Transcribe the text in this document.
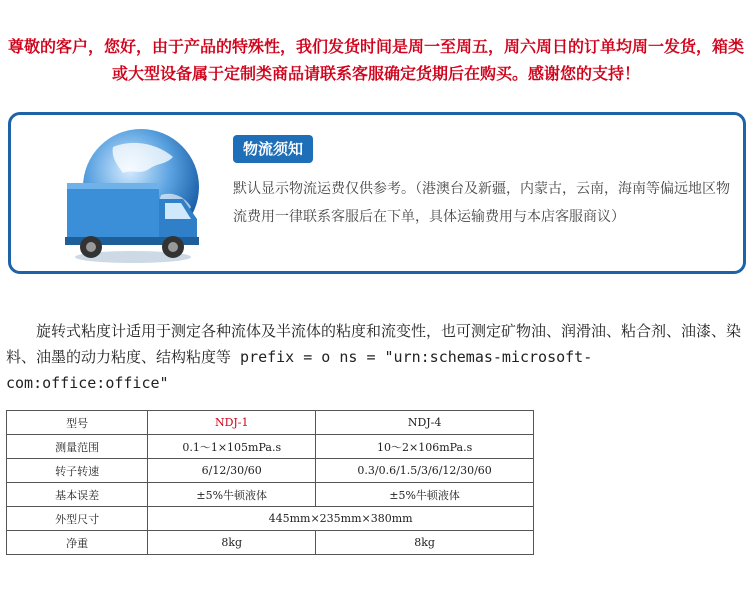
尊敬的客户，您好，由于产品的特殊性，我们发货时间是周一至周五，周六周日的订单均周一发货，箱类或大型设备属于定制类商品请联系客服确定货期后在购买。感谢您的支持！
物流须知
默认显示物流运费仅供参考。（港澳台及新疆，内蒙古，云南，海南等偏远地区物流费用一律联系客服后在下单，具体运输费用与本店客服商议）
旋转式粘度计适用于测定各种流体及半流体的粘度和流变性，也可测定矿物油、润滑油、粘合剂、油漆、染料、油墨的动力粘度、结构粘度等 prefix = o ns = "urn:schemas-microsoft-com:office:office"
型号	NDJ-1	NDJ-4
测量范围	0.1～1×105mPa.s	10～2×106mPa.s
转子转速	6/12/30/60	0.3/0.6/1.5/3/6/12/30/60
基本误差	±5%牛顿液体	±5%牛顿液体
外型尺寸	445mm×235mm×380mm	
净重	8kg	8kg
